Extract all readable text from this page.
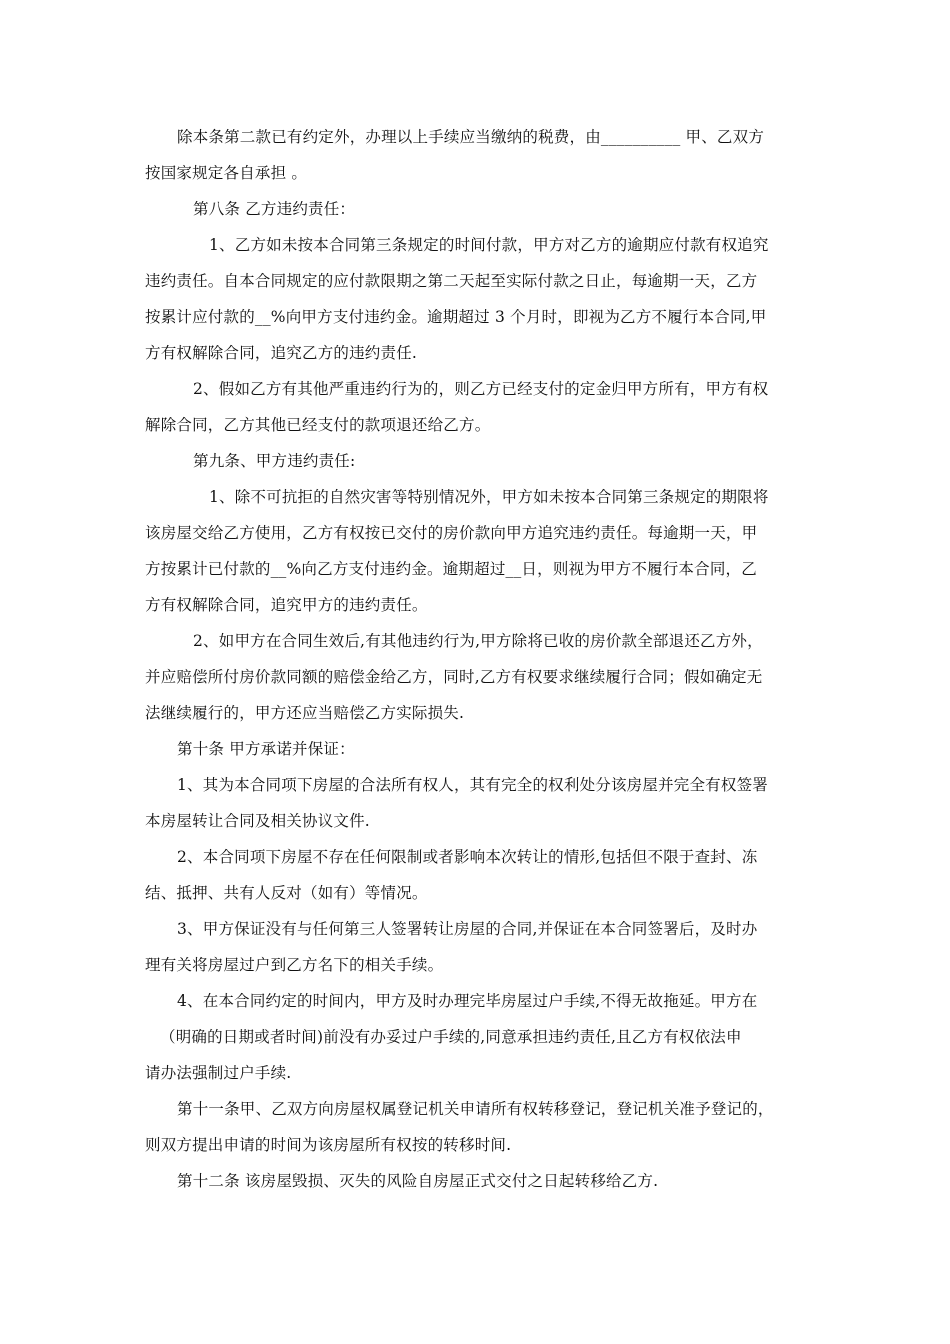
除本条第二款已有约定外，办理以上手续应当缴纳的税费，由__________ 甲、乙双方
按国家规定各自承担 。
第八条 乙方违约责任：
1、乙方如未按本合同第三条规定的时间付款，甲方对乙方的逾期应付款有权追究
违约责任。自本合同规定的应付款限期之第二天起至实际付款之日止，每逾期一天，乙方
按累计应付款的__%向甲方支付违约金。逾期超过 3 个月时，即视为乙方不履行本合同,甲
方有权解除合同，追究乙方的违约责任.
2、假如乙方有其他严重违约行为的，则乙方已经支付的定金归甲方所有，甲方有权
解除合同，乙方其他已经支付的款项退还给乙方。
第九条、甲方违约责任:
1、除不可抗拒的自然灾害等特别情况外，甲方如未按本合同第三条规定的期限将
该房屋交给乙方使用，乙方有权按已交付的房价款向甲方追究违约责任。每逾期一天，甲
方按累计已付款的__%向乙方支付违约金。逾期超过__日，则视为甲方不履行本合同，乙
方有权解除合同，追究甲方的违约责任。
2、如甲方在合同生效后,有其他违约行为,甲方除将已收的房价款全部退还乙方外，
并应赔偿所付房价款同额的赔偿金给乙方，同时,乙方有权要求继续履行合同；假如确定无
法继续履行的，甲方还应当赔偿乙方实际损失.
第十条 甲方承诺并保证：
1、其为本合同项下房屋的合法所有权人，其有完全的权利处分该房屋并完全有权签署
本房屋转让合同及相关协议文件.
2、本合同项下房屋不存在任何限制或者影响本次转让的情形,包括但不限于查封、冻
结、抵押、共有人反对（如有）等情况。
3、甲方保证没有与任何第三人签署转让房屋的合同,并保证在本合同签署后，及时办
理有关将房屋过户到乙方名下的相关手续。
4、在本合同约定的时间内，甲方及时办理完毕房屋过户手续,不得无故拖延。甲方在
（明确的日期或者时间)前没有办妥过户手续的,同意承担违约责任,且乙方有权依法申
请办法强制过户手续.
第十一条甲、乙双方向房屋权属登记机关申请所有权转移登记，登记机关准予登记的，
则双方提出申请的时间为该房屋所有权按的转移时间.
第十二条 该房屋毁损、灭失的风险自房屋正式交付之日起转移给乙方.
